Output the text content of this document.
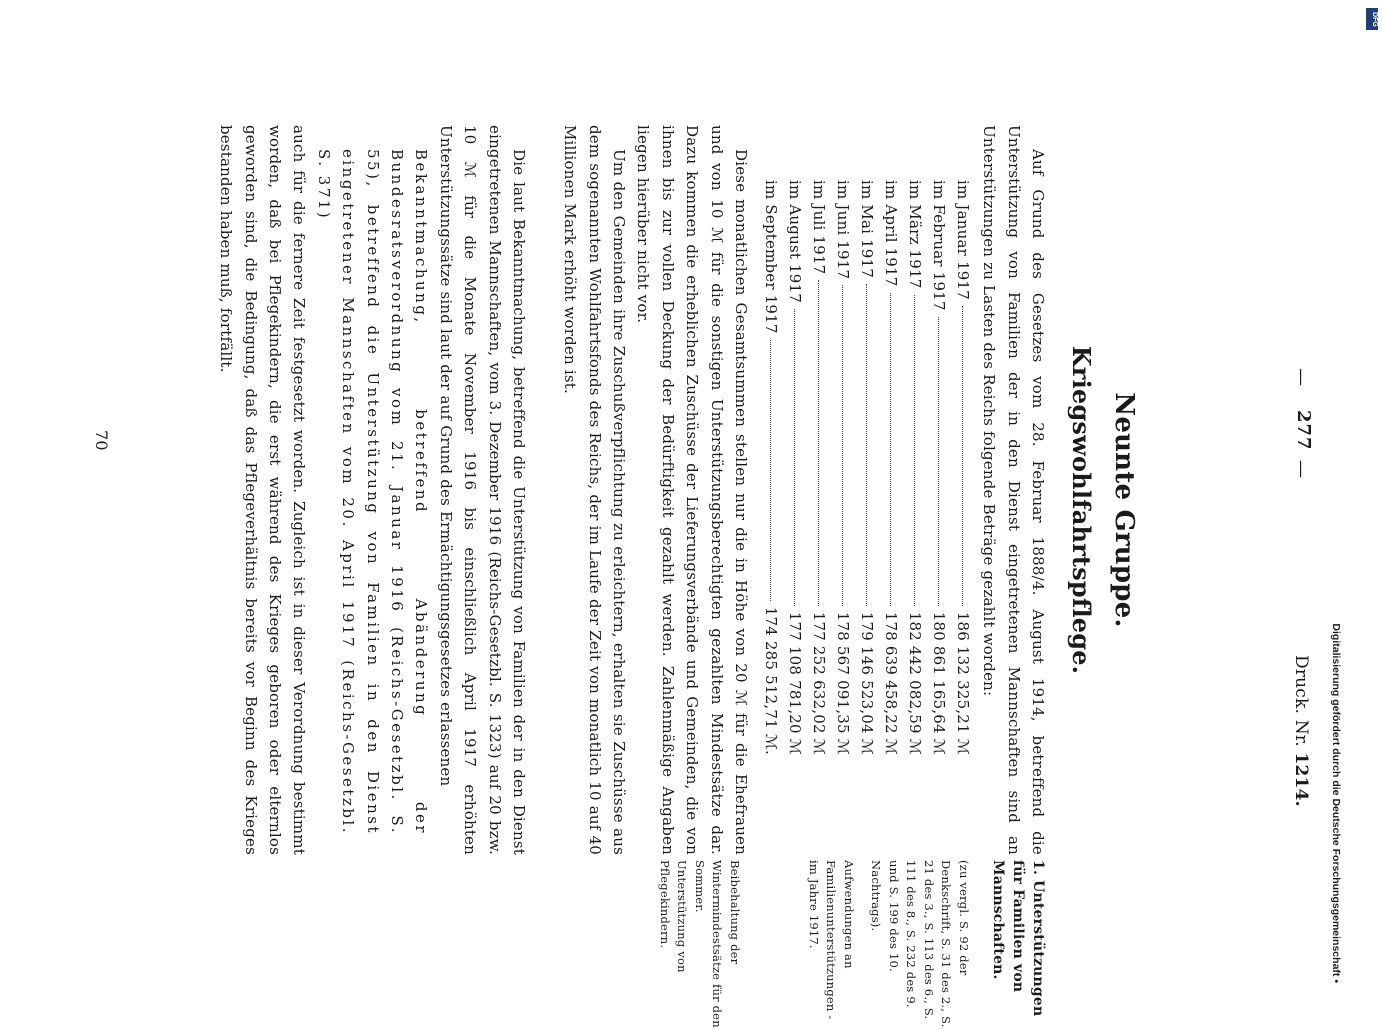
—
277
—
Druck. Nr. 1214.
Neunte Gruppe.
Kriegswohlfahrtspflege.
1. Unterstützungen für Familien von Mannschaften.
(zu vergl. S. 92 der Denkschrift, S. 31 des 2., S. 21 des 3., S. 113 des 6., S. 111 des 8., S. 232 des 9. und S. 199 des 10. Nachtrags).
Aufwendungen an Familienunterstützungen - im Jahre 1917.
Beibehaltung der Wintermindestsätze für den Sommer.
Unterstützung von Pflegekindern.
Auf Grund des Gesetzes vom 28. Februar 1888/4. August 1914, betreffend die Unterstützung von Familien der in den Dienst eingetretenen Mannschaften sind an Unterstützungen zu Lasten des Reichs folgende Beträge gezahlt worden:
im Januar 1917
186 132 325,21 ℳ
im Februar 1917
180 861 165,64 ℳ
im März 1917
182 442 082,59 ℳ
im April 1917
178 639 458,22 ℳ
im Mai 1917
179 146 523,04 ℳ
im Juni 1917
178 567 091,35 ℳ
im Juli 1917
177 252 632,02 ℳ
im August 1917
177 108 781,20 ℳ
im September 1917
174 285 512,71 ℳ.
Diese monatlichen Gesamtsummen stellen nur die in Höhe von 20 ℳ für die Ehefrauen und von 10 ℳ für die sonstigen Unterstützungsberechtigten gezahlten Mindestsätze dar. Dazu kommen die erheblichen Zuschüsse der Lieferungsverbände und Gemeinden, die von ihnen bis zur vollen Deckung der Bedürftigkeit gezahlt werden. Zahlenmäßige Angaben liegen hierüber nicht vor.
Um den Gemeinden ihre Zuschußverpflichtung zu erleichtern, erhalten sie Zuschüsse aus dem sogenannten Wohlfahrtsfonds des Reichs, der im Laufe der Zeit von monatlich 10 auf 40 Millionen Mark erhöht worden ist.
Die laut Bekanntmachung, betreffend die Unterstützung von Familien der in den Dienst eingetretenen Mannschaften, vom 3. Dezember 1916 (Reichs-Gesetzbl. S. 1323) auf 20 bzw. 10 ℳ für die Monate November 1916 bis einschließlich April 1917 erhöhten Unterstützungssätze sind laut der auf Grund des Ermächtigungsgesetzes erlassenen
Bekanntmachung, betreffend Abänderung der Bundesratsverordnung vom 21. Januar 1916 (Reichs-Gesetzbl. S. 55), betreffend die Unterstützung von Familien in den Dienst eingetretener Mannschaften vom 20. April 1917 (Reichs-Gesetzbl. S. 371)
auch für die fernere Zeit festgesetzt worden. Zugleich ist in dieser Verordnung bestimmt worden, daß bei Pflegekindern, die erst während des Krieges geboren oder elternlos geworden sind, die Bedingung, daß das Pflegeverhältnis bereits vor Beginn des Krieges bestanden haben muß, fortfällt.
70
Digitalisierung gefördert durch die Deutsche Forschungsgemeinschaft •
DFG
